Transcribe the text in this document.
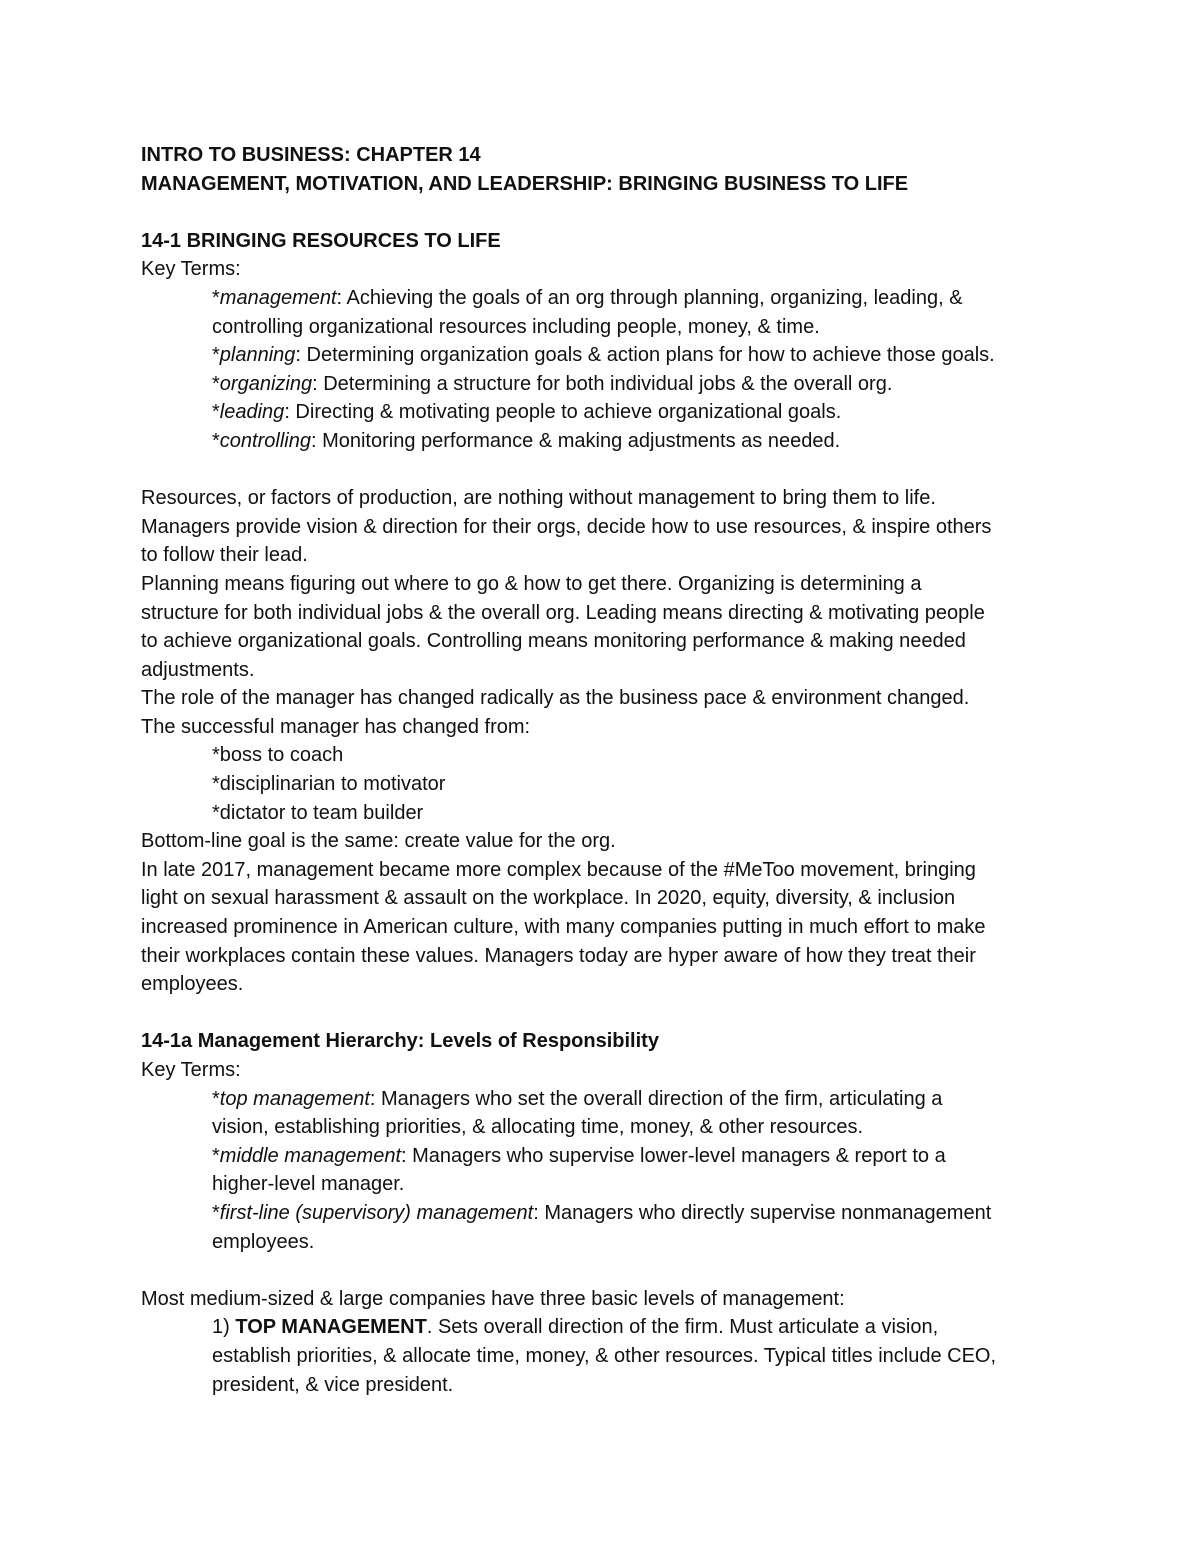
INTRO TO BUSINESS: CHAPTER 14
MANAGEMENT, MOTIVATION, AND LEADERSHIP: BRINGING BUSINESS TO LIFE
14-1 BRINGING RESOURCES TO LIFE
Key Terms:
*management: Achieving the goals of an org through planning, organizing, leading, &
controlling organizational resources including people, money, & time.
*planning: Determining organization goals & action plans for how to achieve those goals.
*organizing: Determining a structure for both individual jobs & the overall org.
*leading: Directing & motivating people to achieve organizational goals.
*controlling: Monitoring performance & making adjustments as needed.
Resources, or factors of production, are nothing without management to bring them to life.
Managers provide vision & direction for their orgs, decide how to use resources, & inspire others
to follow their lead.
Planning means figuring out where to go & how to get there. Organizing is determining a
structure for both individual jobs & the overall org. Leading means directing & motivating people
to achieve organizational goals. Controlling means monitoring performance & making needed
adjustments.
The role of the manager has changed radically as the business pace & environment changed.
The successful manager has changed from:
*boss to coach
*disciplinarian to motivator
*dictator to team builder
Bottom-line goal is the same: create value for the org.
In late 2017, management became more complex because of the #MeToo movement, bringing
light on sexual harassment & assault on the workplace. In 2020, equity, diversity, & inclusion
increased prominence in American culture, with many companies putting in much effort to make
their workplaces contain these values. Managers today are hyper aware of how they treat their
employees.
14-1a Management Hierarchy: Levels of Responsibility
Key Terms:
*top management: Managers who set the overall direction of the firm, articulating a
vision, establishing priorities, & allocating time, money, & other resources.
*middle management: Managers who supervise lower-level managers & report to a
higher-level manager.
*first-line (supervisory) management: Managers who directly supervise nonmanagement
employees.
Most medium-sized & large companies have three basic levels of management:
1) TOP MANAGEMENT. Sets overall direction of the firm. Must articulate a vision,
establish priorities, & allocate time, money, & other resources. Typical titles include CEO,
president, & vice president.
